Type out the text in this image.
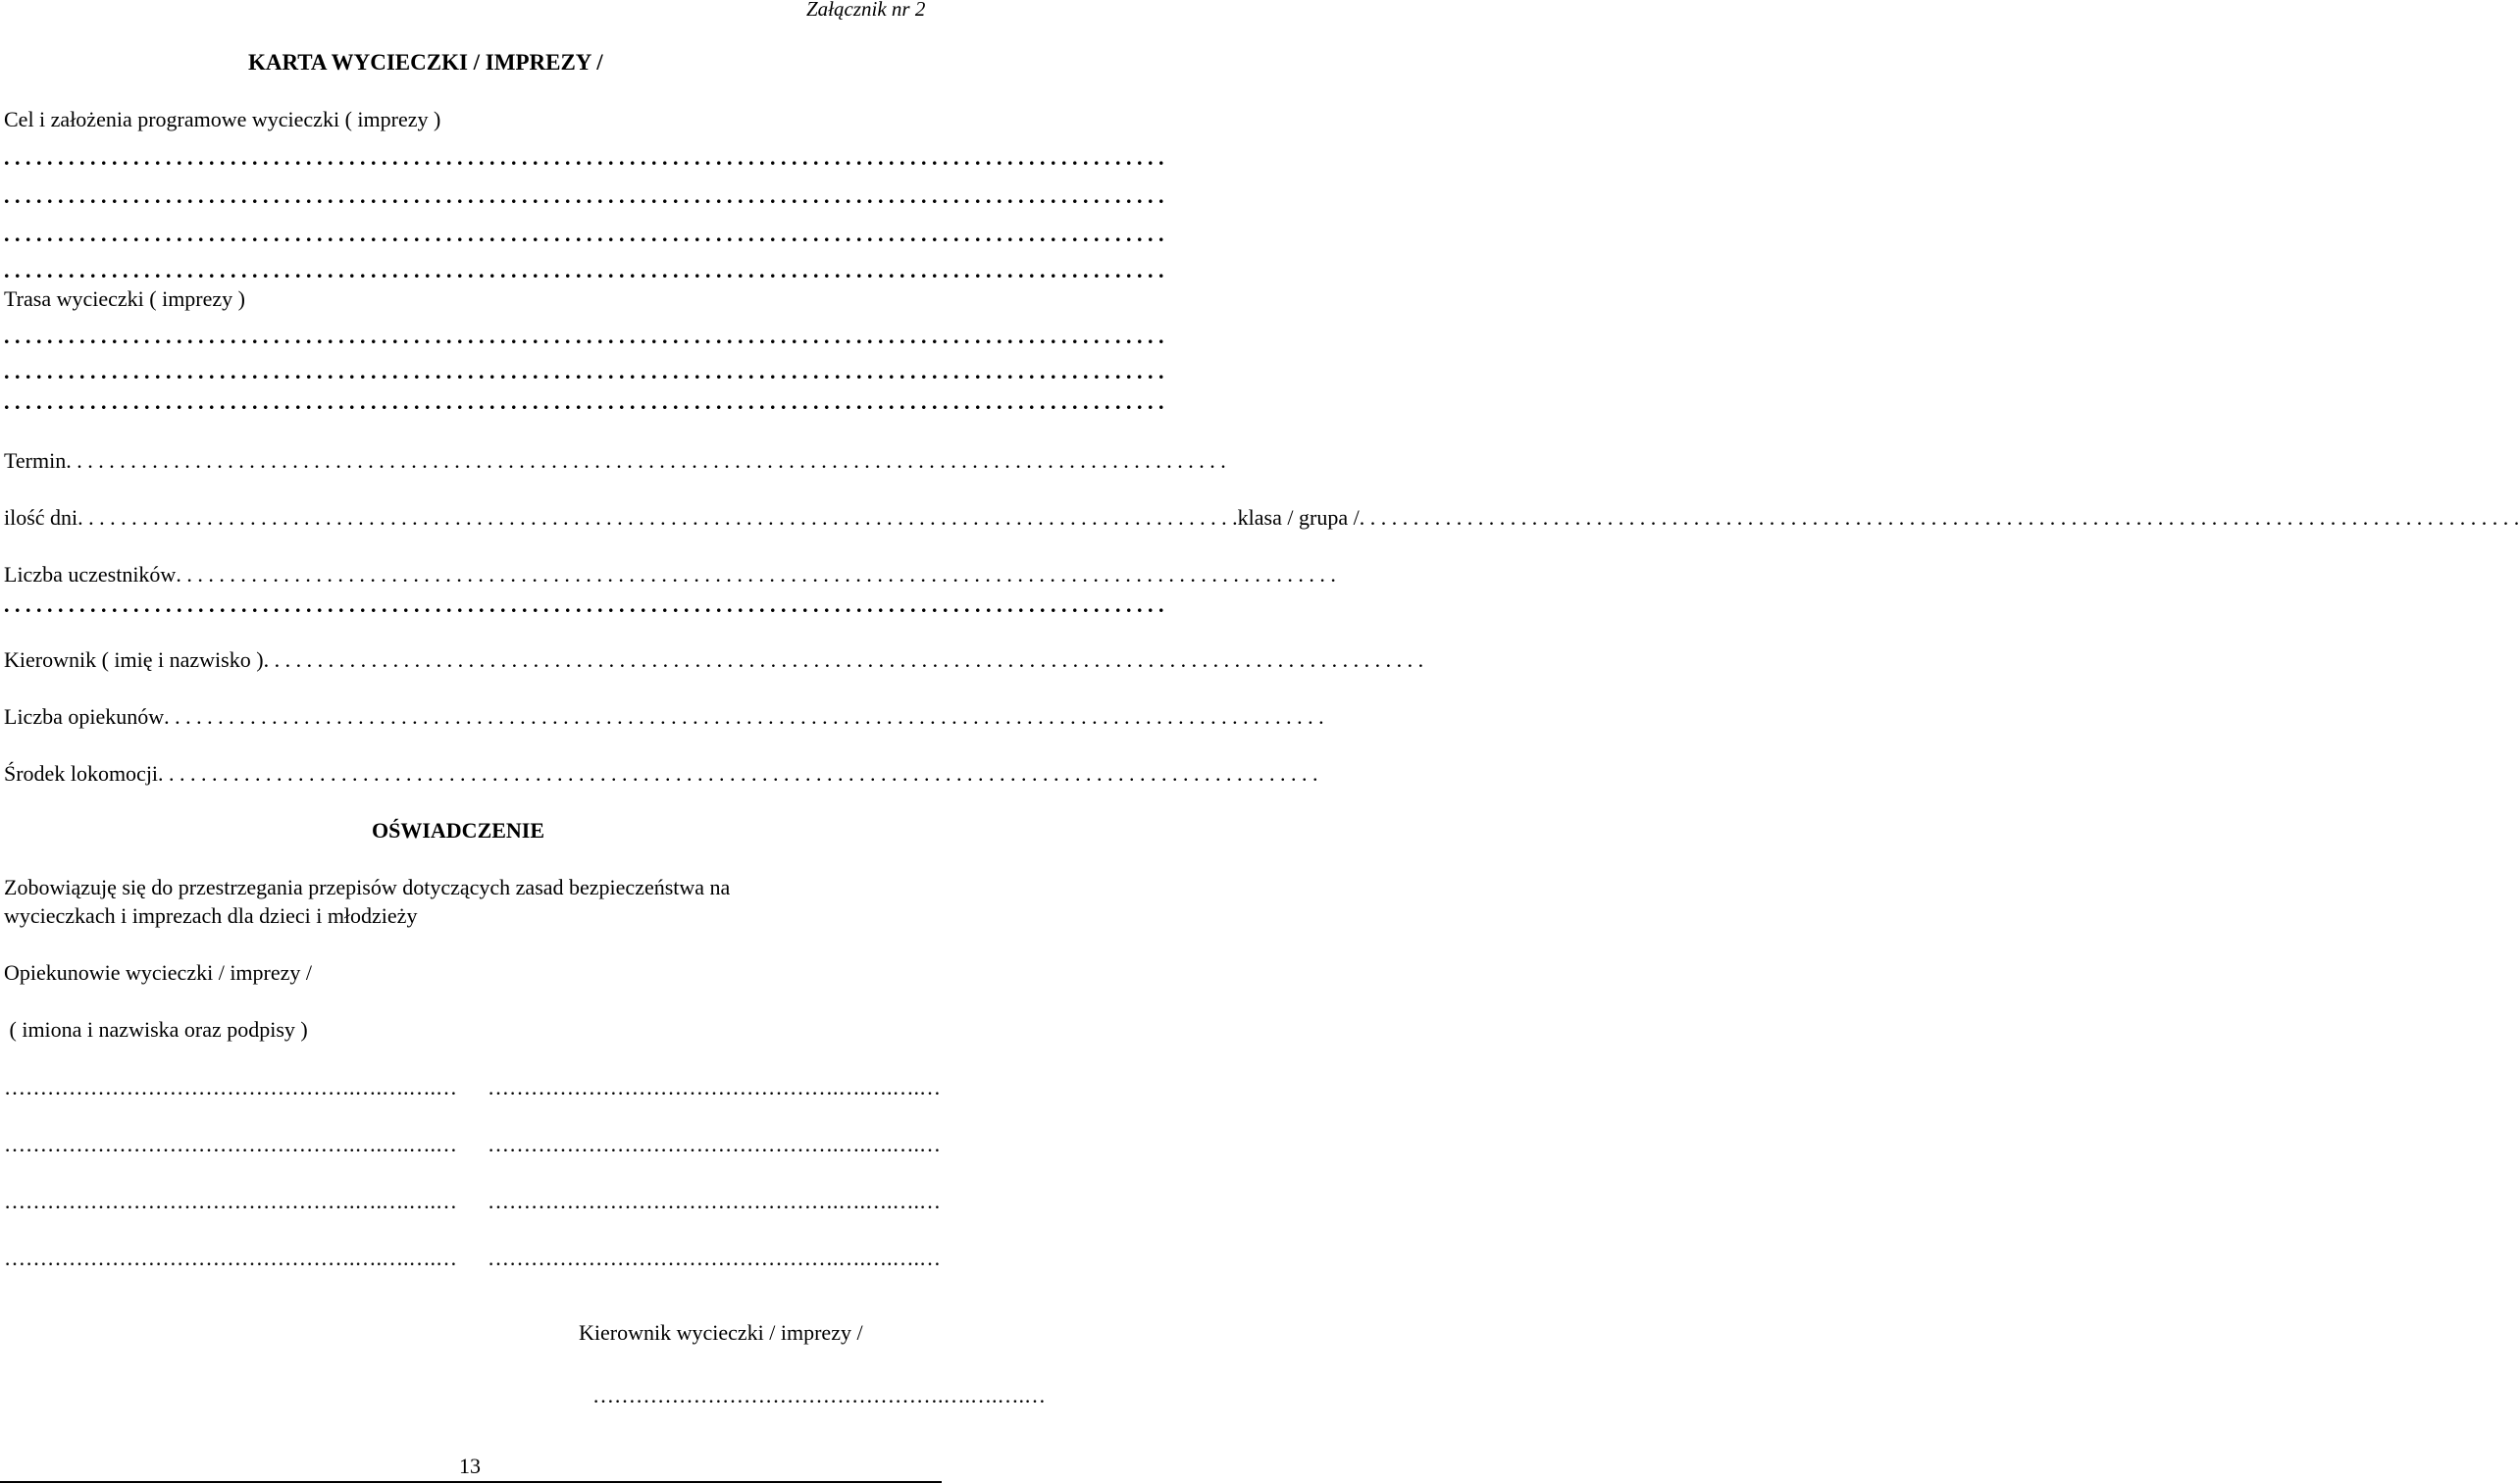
Załącznik nr 2
KARTA WYCIECZKI / IMPREZY /
Cel i założenia programowe wycieczki ( imprezy )
. . . . . . . . . . . . . . . . . . . . . . . . . . . . . . . . . . . . . . . . . . . . . . . . . . . . . . . . . . . . . . . . . . . . . . . . . . . . . . . . . . . . . . . . . . . . . . . . . . . . . . . . . . . .
. . . . . . . . . . . . . . . . . . . . . . . . . . . . . . . . . . . . . . . . . . . . . . . . . . . . . . . . . . . . . . . . . . . . . . . . . . . . . . . . . . . . . . . . . . . . . . . . . . . . . . . . . . . .
. . . . . . . . . . . . . . . . . . . . . . . . . . . . . . . . . . . . . . . . . . . . . . . . . . . . . . . . . . . . . . . . . . . . . . . . . . . . . . . . . . . . . . . . . . . . . . . . . . . . . . . . . . . .
. . . . . . . . . . . . . . . . . . . . . . . . . . . . . . . . . . . . . . . . . . . . . . . . . . . . . . . . . . . . . . . . . . . . . . . . . . . . . . . . . . . . . . . . . . . . . . . . . . . . . . . . . . . .
Trasa wycieczki ( imprezy )
. . . . . . . . . . . . . . . . . . . . . . . . . . . . . . . . . . . . . . . . . . . . . . . . . . . . . . . . . . . . . . . . . . . . . . . . . . . . . . . . . . . . . . . . . . . . . . . . . . . . . . . . . . . .
. . . . . . . . . . . . . . . . . . . . . . . . . . . . . . . . . . . . . . . . . . . . . . . . . . . . . . . . . . . . . . . . . . . . . . . . . . . . . . . . . . . . . . . . . . . . . . . . . . . . . . . . . . . .
. . . . . . . . . . . . . . . . . . . . . . . . . . . . . . . . . . . . . . . . . . . . . . . . . . . . . . . . . . . . . . . . . . . . . . . . . . . . . . . . . . . . . . . . . . . . . . . . . . . . . . . . . . . .
Termin . . . . . . . . . . . . . . . . . . . . . . . . . . . . . . . . . . . . . . . . . . . . . . . . . . . . . . . . . . . . . . . . . . . . . . . . . . . . . . . . . . . . . . . . . . . . . . . . . . . . . . . . . . . .
ilość dni . . . . . . . . . . . . . . . . . . . . . . . . . . . . . . . . . . . . . . . . . . . . . . . . . . . . . . . . . . . . . . . . . . . . . . . . . . . . . . . . . . . . . . . . . . . . . . . . . . . . . . . . . . . . klasa / grupa / . . . . . . . . . . . . . . . . . . . . . . . . . . . . . . . . . . . . . . . . . . . . . . . . . . . . . . . . . . . . . . . . . . . . . . . . . . . . . . . . . . . . . . . . . . . . . . . . . . . . . . . . . . . .
Liczba uczestników . . . . . . . . . . . . . . . . . . . . . . . . . . . . . . . . . . . . . . . . . . . . . . . . . . . . . . . . . . . . . . . . . . . . . . . . . . . . . . . . . . . . . . . . . . . . . . . . . . . . . . . . . . . .
. . . . . . . . . . . . . . . . . . . . . . . . . . . . . . . . . . . . . . . . . . . . . . . . . . . . . . . . . . . . . . . . . . . . . . . . . . . . . . . . . . . . . . . . . . . . . . . . . . . . . . . . . . . .
Kierownik ( imię i nazwisko ) . . . . . . . . . . . . . . . . . . . . . . . . . . . . . . . . . . . . . . . . . . . . . . . . . . . . . . . . . . . . . . . . . . . . . . . . . . . . . . . . . . . . . . . . . . . . . . . . . . . . . . . . . . . .
Liczba opiekunów . . . . . . . . . . . . . . . . . . . . . . . . . . . . . . . . . . . . . . . . . . . . . . . . . . . . . . . . . . . . . . . . . . . . . . . . . . . . . . . . . . . . . . . . . . . . . . . . . . . . . . . . . . . .
Środek lokomocji . . . . . . . . . . . . . . . . . . . . . . . . . . . . . . . . . . . . . . . . . . . . . . . . . . . . . . . . . . . . . . . . . . . . . . . . . . . . . . . . . . . . . . . . . . . . . . . . . . . . . . . . . . . .
OŚWIADCZENIE
Zobowiązuję się do przestrzegania przepisów dotyczących zasad bezpieczeństwa na
wycieczkach i imprezach dla dzieci i młodzieży
Opiekunowie wycieczki / imprezy /
( imiona i nazwiska oraz podpisy )
………………………………………….….….….… ………………………………………….….….….…
………………………………………….….….….… ………………………………………….….….….…
………………………………………….….….….… ………………………………………….….….….…
………………………………………….….….….… ………………………………………….….….….…
Kierownik wycieczki / imprezy /
………………………………………….….….….…
13
